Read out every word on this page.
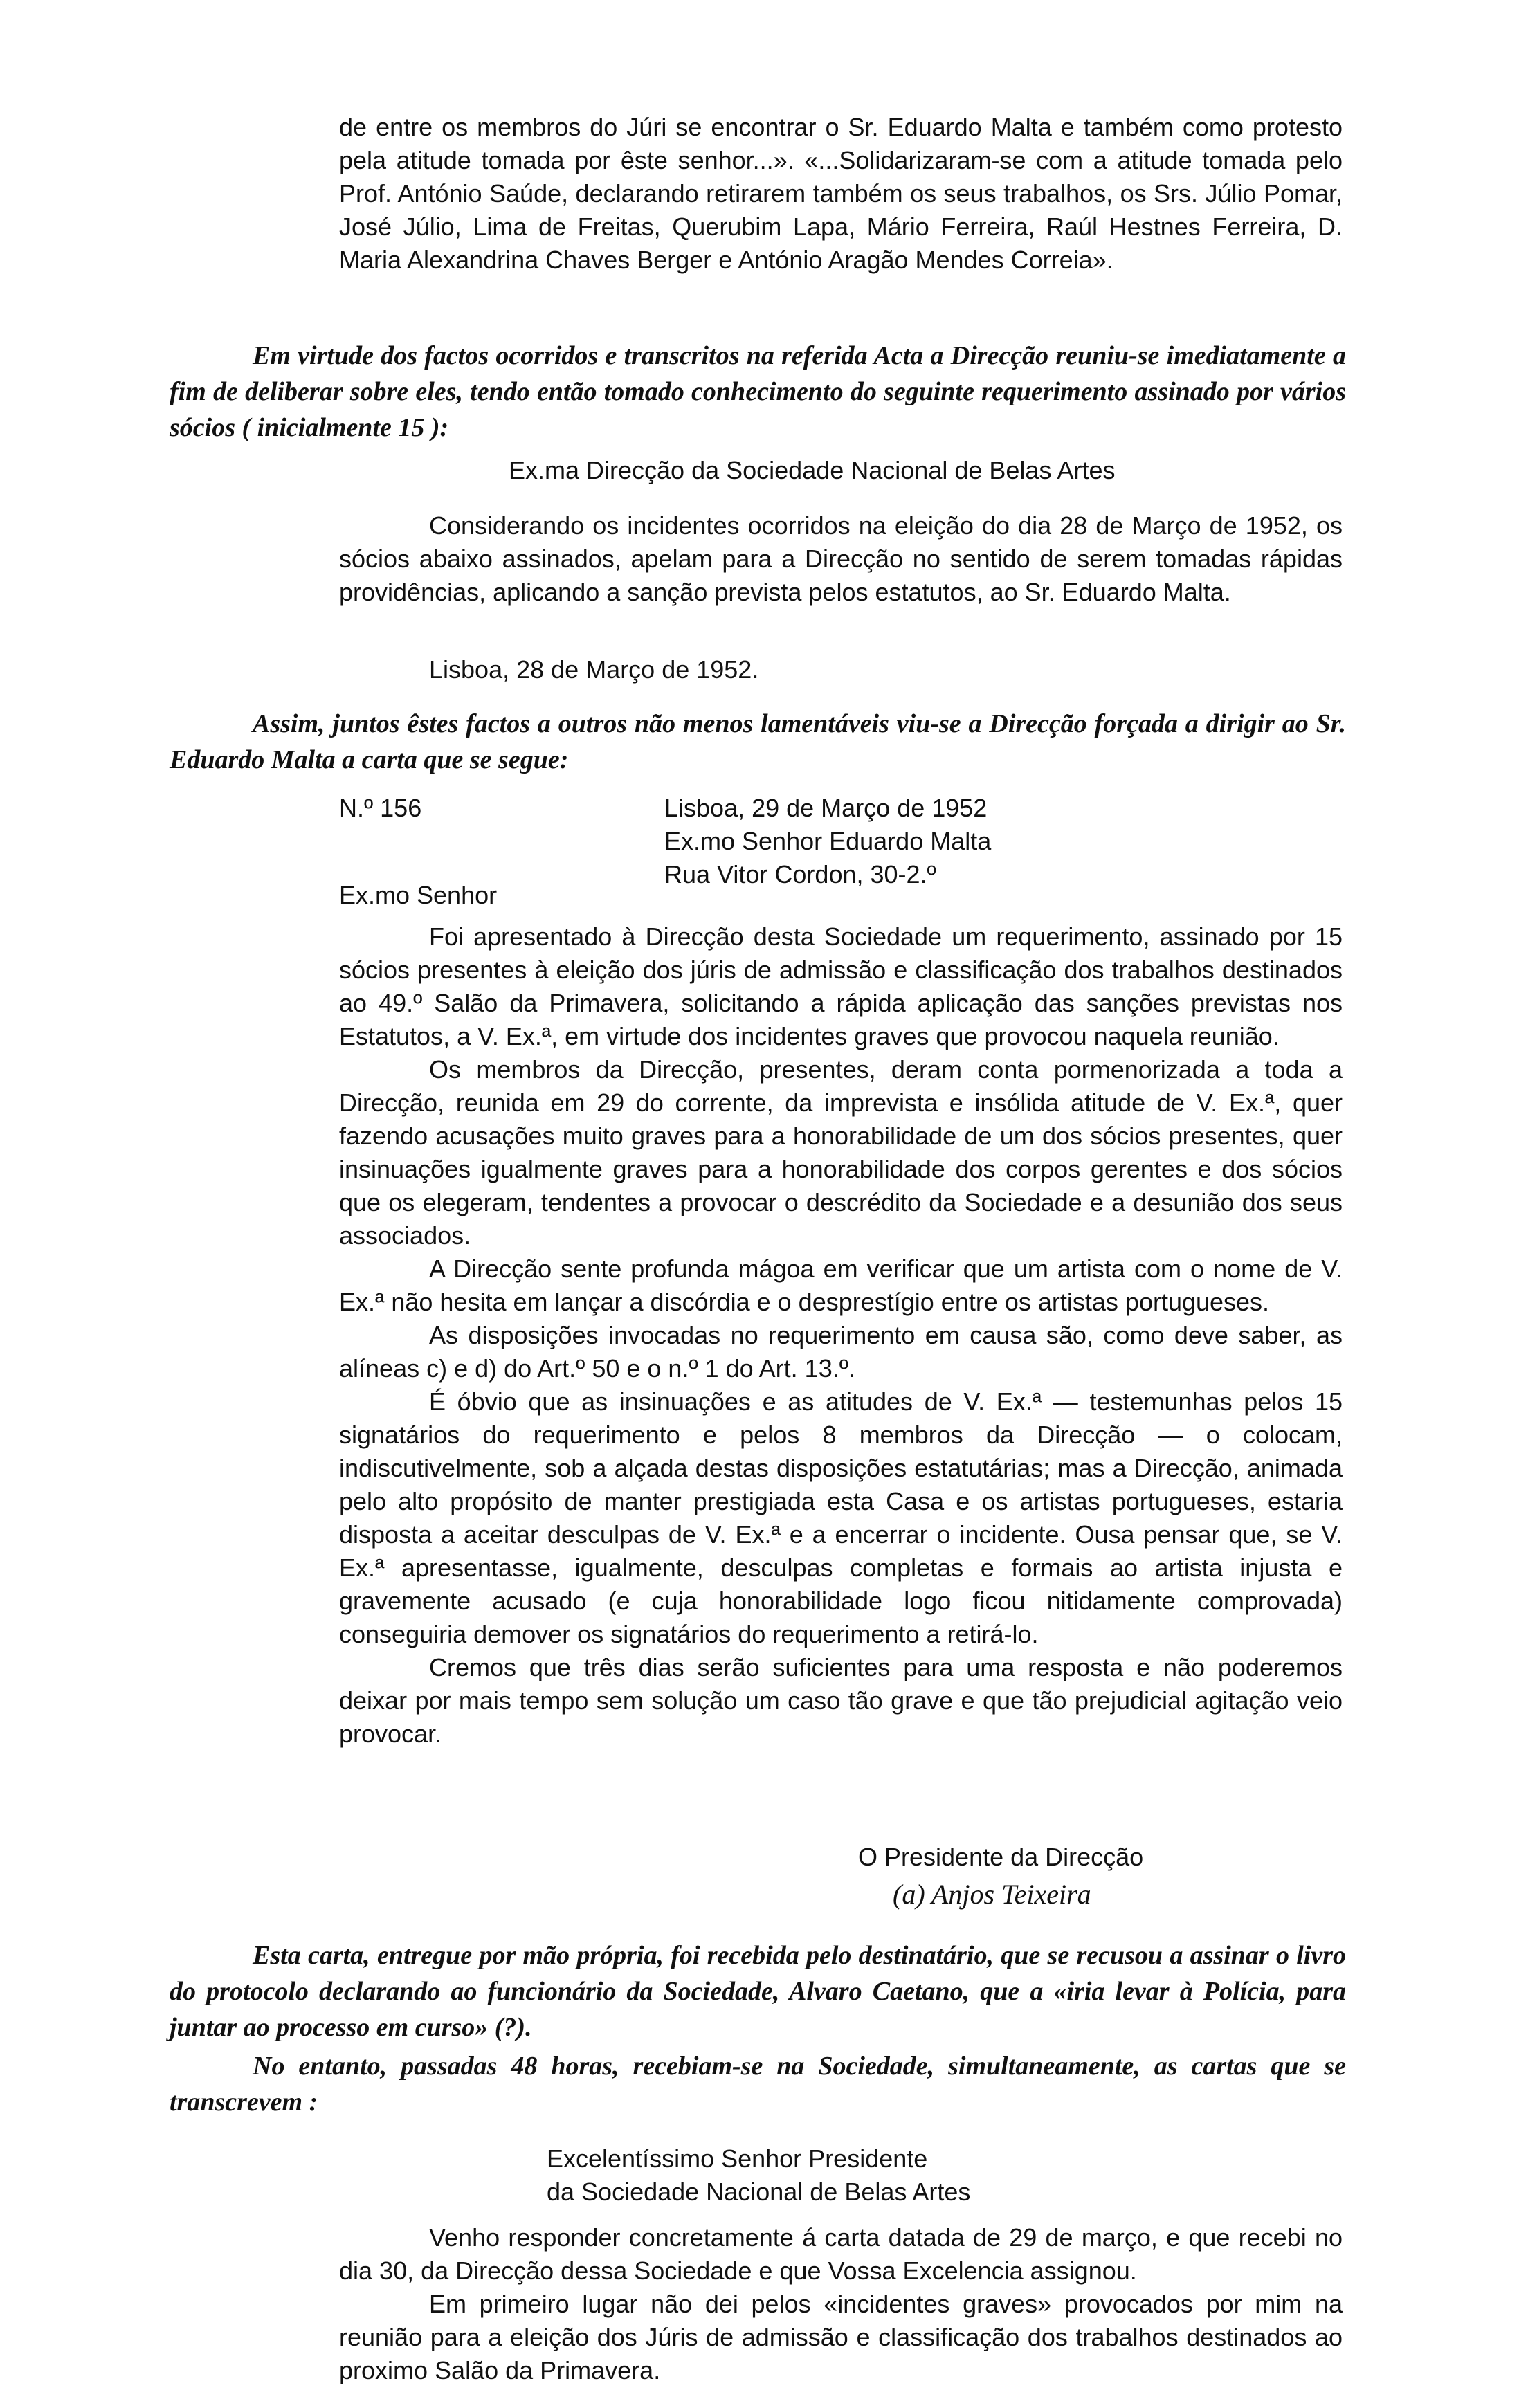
de entre os membros do Júri se encontrar o Sr. Eduardo Malta e também como protesto pela atitude tomada por êste senhor...». «...Solidarizaram-se com a atitude tomada pelo Prof. António Saúde, declarando retirarem também os seus trabalhos, os Srs. Júlio Pomar, José Júlio, Lima de Freitas, Querubim Lapa, Mário Ferreira, Raúl Hestnes Ferreira, D. Maria Alexandrina Chaves Berger e António Aragão Mendes Correia».

Em virtude dos factos ocorridos e transcritos na referida Acta a Direcção reuniu-se imediatamente a fim de deliberar sobre eles, tendo então tomado conhecimento do seguinte requerimento assinado por vários sócios ( inicialmente 15 ):

Ex.ma Direcção da Sociedade Nacional de Belas Artes

Considerando os incidentes ocorridos na eleição do dia 28 de Março de 1952, os sócios abaixo assinados, apelam para a Direcção no sentido de serem tomadas rápidas providências, aplicando a sanção prevista pelos estatutos, ao Sr. Eduardo Malta.

Lisboa, 28 de Março de 1952.

Assim, juntos êstes factos a outros não menos lamentáveis viu-se a Direcção forçada a dirigir ao Sr. Eduardo Malta a carta que se segue:

N.º 156	Lisboa, 29 de Março de 1952

Ex.mo Senhor Eduardo Malta

Rua Vitor Cordon, 30-2.º

Ex.mo Senhor

Foi apresentado à Direcção desta Sociedade um requerimento, assinado por 15 sócios presentes à eleição dos júris de admissão e classificação dos trabalhos destinados ao 49.º Salão da Primavera, solicitando a rápida aplicação das sanções previstas nos Estatutos, a V. Ex.ª, em virtude dos incidentes graves que provocou naquela reunião.

Os membros da Direcção, presentes, deram conta pormenorizada a toda a Direcção, reunida em 29 do corrente, da imprevista e insólida atitude de V. Ex.ª, quer fazendo acusações muito graves para a honorabilidade de um dos sócios presentes, quer insinuações igualmente graves para a honorabilidade dos corpos gerentes e dos sócios que os elegeram, tendentes a provocar o descrédito da Sociedade e a desunião dos seus associados.

A Direcção sente profunda mágoa em verificar que um artista com o nome de V. Ex.ª não hesita em lançar a discórdia e o desprestígio entre os artistas portugueses.

As disposições invocadas no requerimento em causa são, como deve saber, as alíneas c) e d) do Art.º 50 e o n.º 1 do Art. 13.º.

É óbvio que as insinuações e as atitudes de V. Ex.ª — testemunhas pelos 15 signatários do requerimento e pelos 8 membros da Direcção — o colocam, indiscutivelmente, sob a alçada destas disposições estatutárias; mas a Direcção, animada pelo alto propósito de manter prestigiada esta Casa e os artistas portugueses, estaria disposta a aceitar desculpas de V. Ex.ª e a encerrar o incidente. Ousa pensar que, se V. Ex.ª apresentasse, igualmente, desculpas completas e formais ao artista injusta e gravemente acusado (e cuja honorabilidade logo ficou nitidamente comprovada) conseguiria demover os signatários do requerimento a retirá-lo.

Cremos que três dias serão suficientes para uma resposta e não poderemos deixar por mais tempo sem solução um caso tão grave e que tão prejudicial agitação veio provocar.

O Presidente da Direcção

(a) Anjos Teixeira
Esta carta, entregue por mão própria, foi recebida pelo destinatário, que se recusou a assinar o livro do protocolo declarando ao funcionário da Sociedade, Alvaro Caetano, que a «iria levar à Polícia, para juntar ao processo em curso» (?).
No entanto, passadas 48 horas, recebiam-se na Sociedade, simultaneamente, as cartas que se transcrevem :

Excelentíssimo Senhor Presidente

da Sociedade Nacional de Belas Artes

Venho responder concretamente á carta datada de 29 de março, e que recebi no dia 30, da Direcção dessa Sociedade e que Vossa Excelencia assignou.

Em primeiro lugar não dei pelos «incidentes graves» provocados por mim na reunião para a eleição dos Júris de admissão e classificação dos trabalhos destinados ao proximo Salão da Primavera.
